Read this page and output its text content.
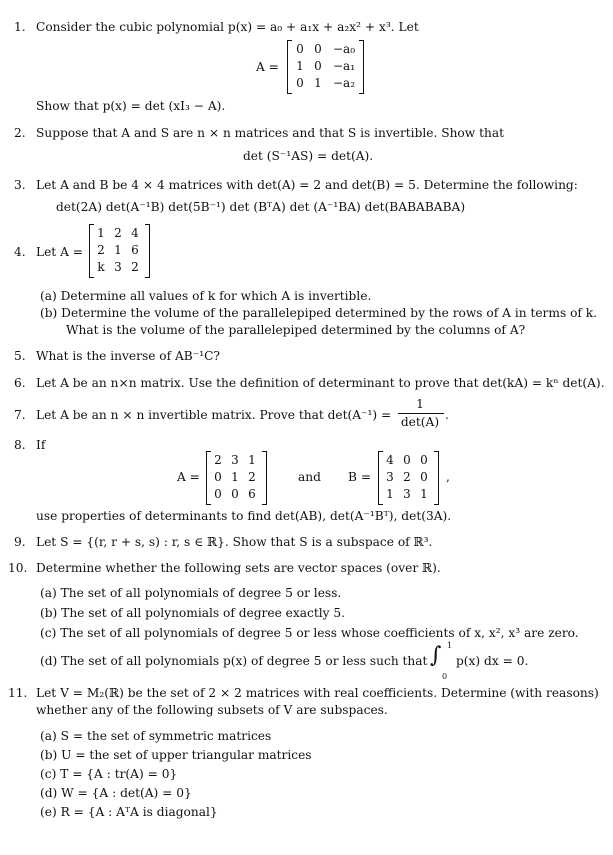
1. Consider the cubic polynomial p(x) = a₀ + a₁x + a₂x² + x³. Let
A =
0 0 −a₀
1 0 −a₁
0 1 −a₂
Show that p(x) = det (xI₃ − A).
2. Suppose that A and S are n × n matrices and that S is invertible. Show that
det (S⁻¹AS) = det(A).
3. Let A and B be 4 × 4 matrices with det(A) = 2 and det(B) = 5. Determine the following:
det(2A) det(A⁻¹B) det(5B⁻¹) det (BᵀA) det (A⁻¹BA) det(BABABABA)
4. Let A =
1 2 4
2 1 6
k 3 2
(a) Determine all values of k for which A is invertible.
(b) Determine the volume of the parallelepiped determined by the rows of A in terms of k.
What is the volume of the parallelepiped determined by the columns of A?
5. What is the inverse of AB⁻¹C?
6. Let A be an n×n matrix. Use the definition of determinant to prove that det(kA) = kⁿ det(A).
7. Let A be an n × n invertible matrix. Prove that det(A⁻¹) =
1
det(A) .
8. If
A =
2 3 1
0 1 2
0 0 6
and B =
4 0 0
3 2 0
1 3 1
,
use properties of determinants to find det(AB), det(A⁻¹Bᵀ), det(3A).
9. Let S = {(r, r + s, s) : r, s ∈ ℝ}. Show that S is a subspace of ℝ³.
10. Determine whether the following sets are vector spaces (over ℝ).
(a) The set of all polynomials of degree 5 or less.
(b) The set of all polynomials of degree exactly 5.
(c) The set of all polynomials of degree 5 or less whose coefficients of x, x², x³ are zero.
(d) The set of all polynomials p(x) of degree 5 or less such that ∫ 1
0
p(x) dx = 0.
11. Let V = M₂(ℝ) be the set of 2 × 2 matrices with real coefficients. Determine (with reasons)
whether any of the following subsets of V are subspaces.
(a) S = the set of symmetric matrices
(b) U = the set of upper triangular matrices
(c) T = {A : tr(A) = 0}
(d) W = {A : det(A) = 0}
(e) R = {A : AᵀA is diagonal}
